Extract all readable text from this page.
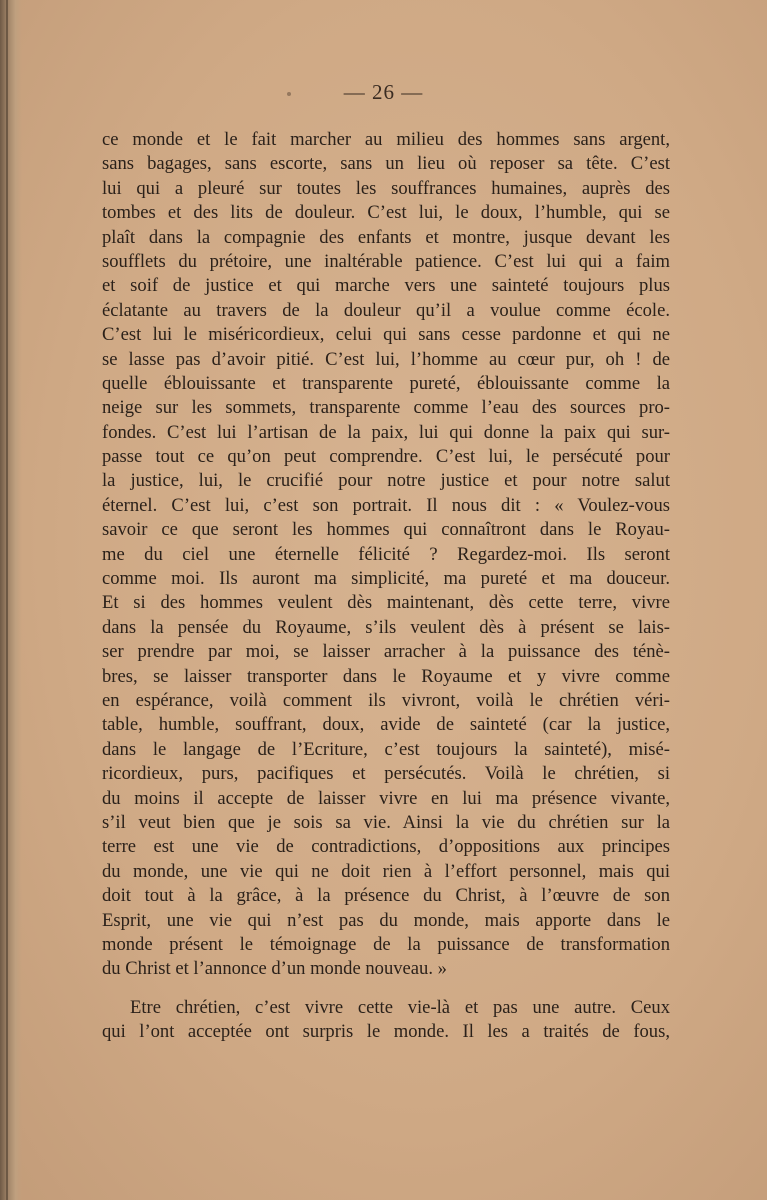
— 26 —
ce monde et le fait marcher au milieu des hommes sans argent,
sans bagages, sans escorte, sans un lieu où reposer sa tête. C’est
lui qui a pleuré sur toutes les souffrances humaines, auprès des
tombes et des lits de douleur. C’est lui, le doux, l’humble, qui se
plaît dans la compagnie des enfants et montre, jusque devant les
soufflets du prétoire, une inaltérable patience. C’est lui qui a faim
et soif de justice et qui marche vers une sainteté toujours plus
éclatante au travers de la douleur qu’il a voulue comme école.
C’est lui le miséricordieux, celui qui sans cesse pardonne et qui ne
se lasse pas d’avoir pitié. C’est lui, l’homme au cœur pur, oh ! de
quelle éblouissante et transparente pureté, éblouissante comme la
neige sur les sommets, transparente comme l’eau des sources pro-
fondes. C’est lui l’artisan de la paix, lui qui donne la paix qui sur-
passe tout ce qu’on peut comprendre. C’est lui, le persécuté pour
la justice, lui, le crucifié pour notre justice et pour notre salut
éternel. C’est lui, c’est son portrait. Il nous dit : « Voulez-vous
savoir ce que seront les hommes qui connaîtront dans le Royau-
me du ciel une éternelle félicité ? Regardez-moi. Ils seront
comme moi. Ils auront ma simplicité, ma pureté et ma douceur.
Et si des hommes veulent dès maintenant, dès cette terre, vivre
dans la pensée du Royaume, s’ils veulent dès à présent se lais-
ser prendre par moi, se laisser arracher à la puissance des ténè-
bres, se laisser transporter dans le Royaume et y vivre comme
en espérance, voilà comment ils vivront, voilà le chrétien véri-
table, humble, souffrant, doux, avide de sainteté (car la justice,
dans le langage de l’Ecriture, c’est toujours la sainteté), misé-
ricordieux, purs, pacifiques et persécutés. Voilà le chrétien, si
du moins il accepte de laisser vivre en lui ma présence vivante,
s’il veut bien que je sois sa vie. Ainsi la vie du chrétien sur la
terre est une vie de contradictions, d’oppositions aux principes
du monde, une vie qui ne doit rien à l’effort personnel, mais qui
doit tout à la grâce, à la présence du Christ, à l’œuvre de son
Esprit, une vie qui n’est pas du monde, mais apporte dans le
monde présent le témoignage de la puissance de transformation
du Christ et l’annonce d’un monde nouveau. »
Etre chrétien, c’est vivre cette vie-là et pas une autre. Ceux
qui l’ont acceptée ont surpris le monde. Il les a traités de fous,
